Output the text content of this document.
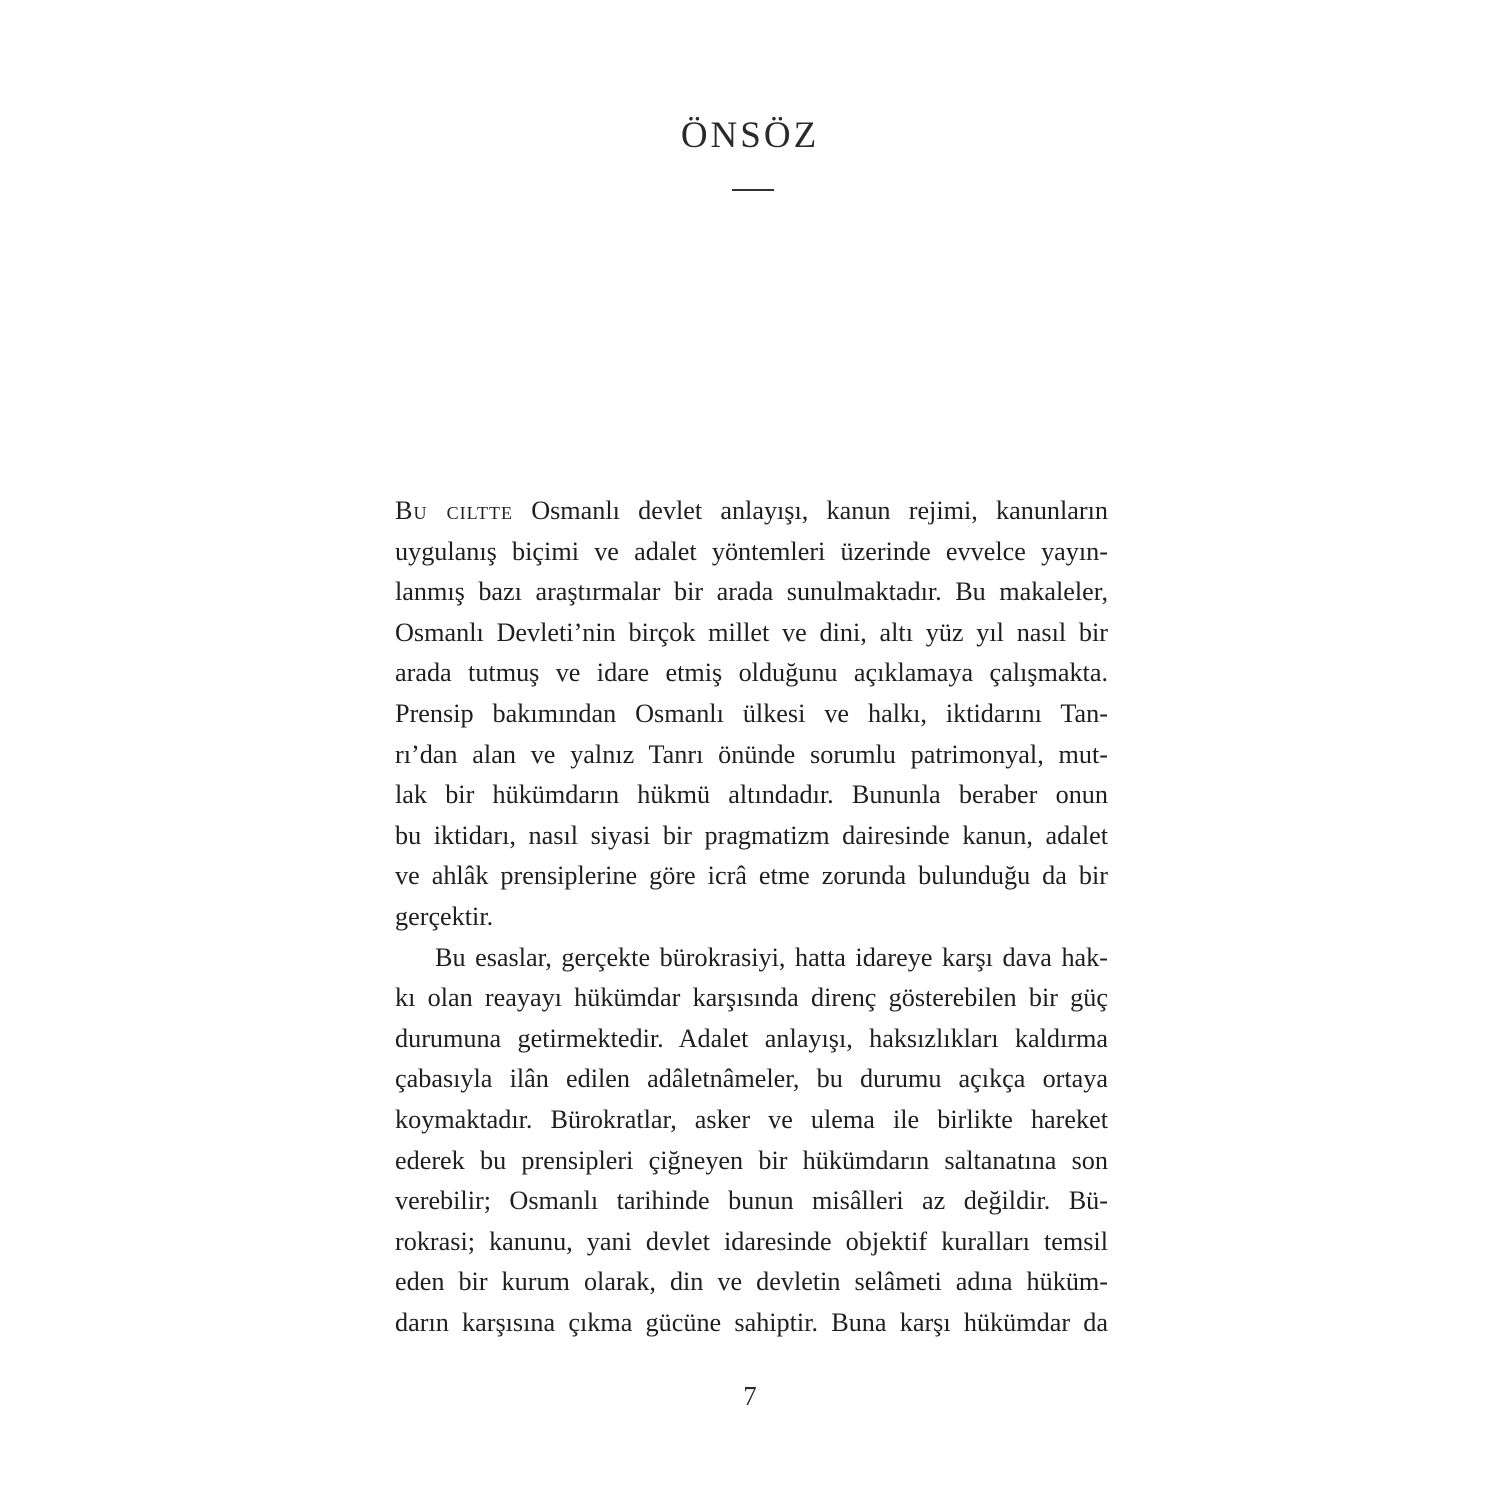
ÖNSÖZ
Bu ciltte Osmanlı devlet anlayışı, kanun rejimi, kanunların
uygulanış biçimi ve adalet yöntemleri üzerinde evvelce yayın-
lanmış bazı araştırmalar bir arada sunulmaktadır. Bu makaleler,
Osmanlı Devleti’nin birçok millet ve dini, altı yüz yıl nasıl bir
arada tutmuş ve idare etmiş olduğunu açıklamaya çalışmakta.
Prensip bakımından Osmanlı ülkesi ve halkı, iktidarını Tan-
rı’dan alan ve yalnız Tanrı önünde sorumlu patrimonyal, mut-
lak bir hükümdarın hükmü altındadır. Bununla beraber onun
bu iktidarı, nasıl siyasi bir pragmatizm dairesinde kanun, adalet
ve ahlâk prensiplerine göre icrâ etme zorunda bulunduğu da bir
gerçektir.
Bu esaslar, gerçekte bürokrasiyi, hatta idareye karşı dava hak-
kı olan reayayı hükümdar karşısında direnç gösterebilen bir güç
durumuna getirmektedir. Adalet anlayışı, haksızlıkları kaldırma
çabasıyla ilân edilen adâletnâmeler, bu durumu açıkça ortaya
koymaktadır. Bürokratlar, asker ve ulema ile birlikte hareket
ederek bu prensipleri çiğneyen bir hükümdarın saltanatına son
verebilir; Osmanlı tarihinde bunun misâlleri az değildir. Bü-
rokrasi; kanunu, yani devlet idaresinde objektif kuralları temsil
eden bir kurum olarak, din ve devletin selâmeti adına hüküm-
darın karşısına çıkma gücüne sahiptir. Buna karşı hükümdar da
7
